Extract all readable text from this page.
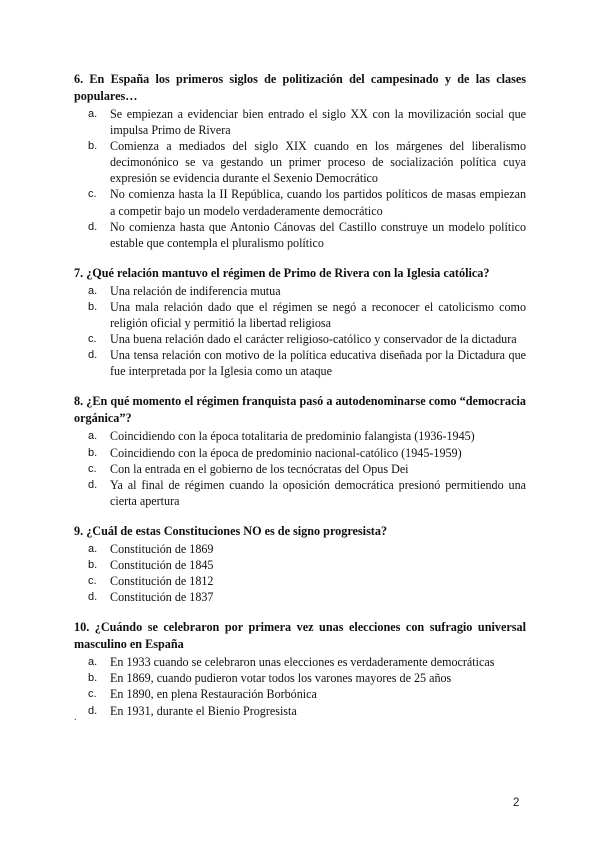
6. En España los primeros siglos de politización del campesinado y de las clases populares…

a. Se empiezan a evidenciar bien entrado el siglo XX con la movilización social que impulsa Primo de Rivera
b. Comienza a mediados del siglo XIX cuando en los márgenes del liberalismo decimonónico se va gestando un primer proceso de socialización política cuya expresión se evidencia durante el Sexenio Democrático
c. No comienza hasta la II República, cuando los partidos políticos de masas empiezan a competir bajo un modelo verdaderamente democrático
d. No comienza hasta que Antonio Cánovas del Castillo construye un modelo político estable que contempla el pluralismo político

7. ¿Qué relación mantuvo el régimen de Primo de Rivera con la Iglesia católica?

a. Una relación de indiferencia mutua
b. Una mala relación dado que el régimen se negó a reconocer el catolicismo como religión oficial y permitió la libertad religiosa
c. Una buena relación dado el carácter religioso-católico y conservador de la dictadura
d. Una tensa relación con motivo de la política educativa diseñada por la Dictadura que fue interpretada por la Iglesia como un ataque

8. ¿En qué momento el régimen franquista pasó a autodenominarse como “democracia orgánica”?

a. Coincidiendo con la época totalitaria de predominio falangista (1936-1945)
b. Coincidiendo con la época de predominio nacional-católico (1945-1959)
c. Con la entrada en el gobierno de los tecnócratas del Opus Dei
d. Ya al final de régimen cuando la oposición democrática presionó permitiendo una cierta apertura

9. ¿Cuál de estas Constituciones NO es de signo progresista?

a. Constitución de 1869
b. Constitución de 1845
c. Constitución de 1812
d. Constitución de 1837

10. ¿Cuándo se celebraron por primera vez unas elecciones con sufragio universal masculino en España

a. En 1933 cuando se celebraron unas elecciones es verdaderamente democráticas
b. En 1869, cuando pudieron votar todos los varones mayores de 25 años
c. En 1890, en plena Restauración Borbónica
d. En 1931, durante el Bienio Progresista
.
2
